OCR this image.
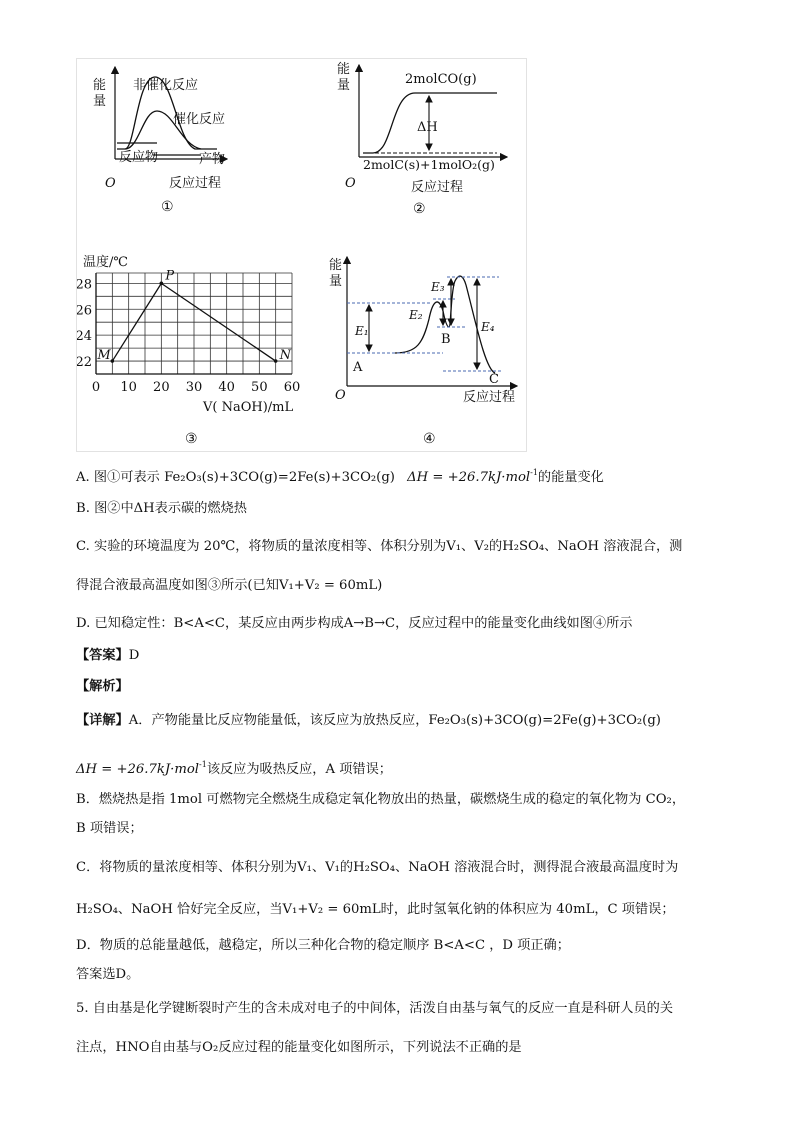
能
量
非催化反应
催化反应
反应物	产物
O	反应过程
①
能
量	2molCO(g)
ΔH
2molC(s)+1molO₂(g)
O	反应过程
②
0 10 20 30 40 50 60
22
24
26
28
M
P
N
温度/℃
V( NaOH)/mL
③
能
量
E₁
E₂
E₃
E₄
A
B
C
O	反应过程
④
A. 图①可表示 Fe₂O₃(s)+3CO(g)=2Fe(s)+3CO₂(g) ΔH = +26.7kJ·mol$^{-1}$的能量变化
B. 图②中ΔH表示碳的燃烧热
C. 实验的环境温度为 20℃，将物质的量浓度相等、体积分别为V₁、V₂的H₂SO₄、NaOH 溶液混合，测
得混合液最高温度如图③所示(已知V₁+V₂ = 60mL)
D. 已知稳定性：B<A<C，某反应由两步构成A→B→C，反应过程中的能量变化曲线如图④所示
【答案】D
【解析】
【详解】A．产物能量比反应物能量低，该反应为放热反应，Fe₂O₃(s)+3CO(g)=2Fe(g)+3CO₂(g)
ΔH = +26.7kJ·mol$^{-1}$该反应为吸热反应，A 项错误；
B．燃烧热是指 1mol 可燃物完全燃烧生成稳定氧化物放出的热量，碳燃烧生成的稳定的氧化物为 CO₂，
B 项错误；
C．将物质的量浓度相等、体积分别为V₁、V₁的H₂SO₄、NaOH 溶液混合时，测得混合液最高温度时为
H₂SO₄、NaOH 恰好完全反应，当V₁+V₂ = 60mL时，此时氢氧化钠的体积应为 40mL，C 项错误；
D．物质的总能量越低，越稳定，所以三种化合物的稳定顺序 B<A<C ，D 项正确；
答案选D。
5. 自由基是化学键断裂时产生的含未成对电子的中间体，活泼自由基与氧气的反应一直是科研人员的关
注点，HNO自由基与O₂反应过程的能量变化如图所示，下列说法不正确的是
